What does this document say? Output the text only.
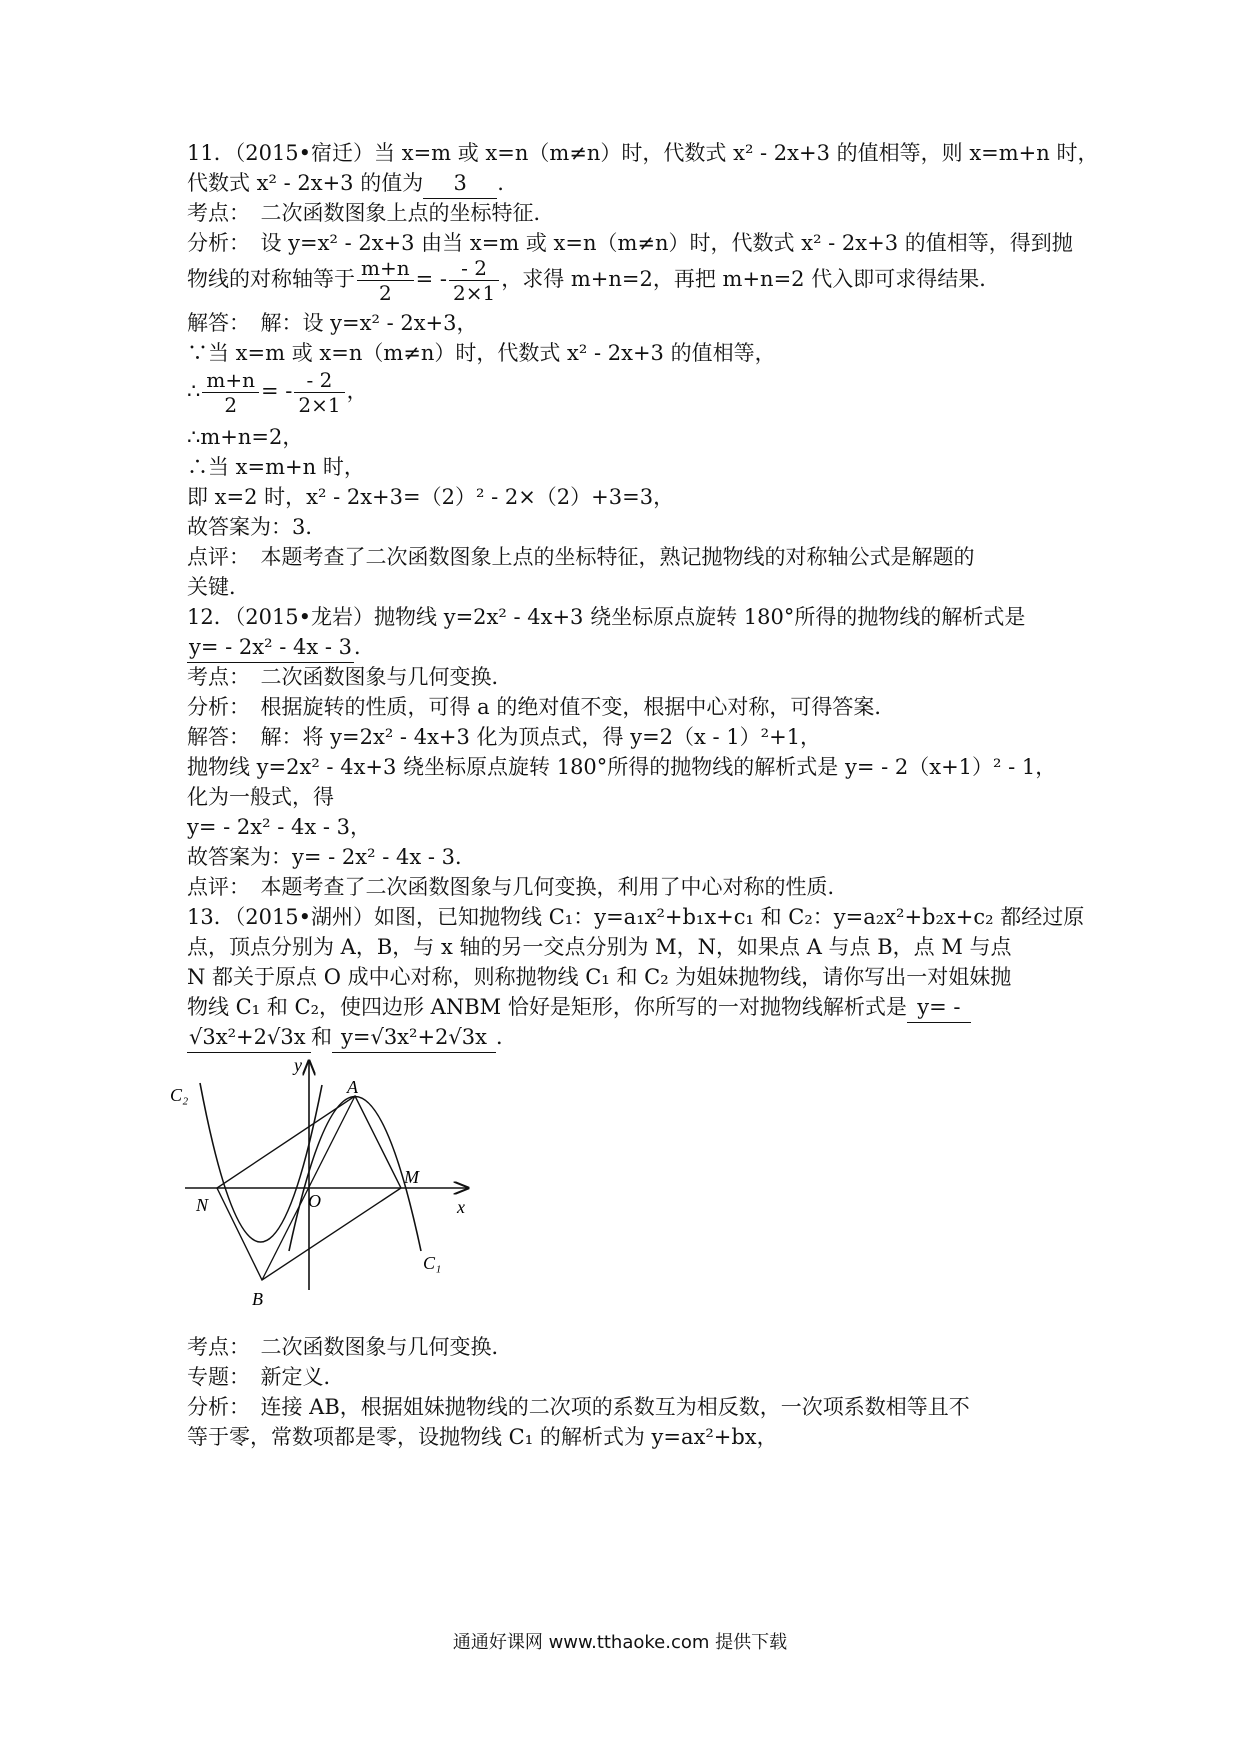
11．（2015•宿迁）当 x=m 或 x=n（m≠n）时，代数式 x² - 2x+3 的值相等，则 x=m+n 时，
代数式 x² - 2x+3 的值为 3 .
考点：　二次函数图象上点的坐标特征．
分析：　设 y=x² - 2x+3 由当 x=m 或 x=n（m≠n）时，代数式 x² - 2x+3 的值相等，得到抛
物线的对称轴等于 $\frac{m+n}{2}$ = - $\frac{- 2}{2\times 1}$ ，求得 m+n=2，再把 m+n=2 代入即可求得结果．
解答：　解：设 y=x² - 2x+3，
∵当 x=m 或 x=n（m≠n）时，代数式 x² - 2x+3 的值相等，
∴ $\frac{m+n}{2}$ = - $\frac{- 2}{2\times 1}$ ，
∴m+n=2，
∴当 x=m+n 时，
即 x=2 时，x² - 2x+3=（2）² - 2×（2）+3=3，
故答案为：3．
点评：　本题考查了二次函数图象上点的坐标特征，熟记抛物线的对称轴公式是解题的
关键．
12．（2015•龙岩）抛物线 y=2x² - 4x+3 绕坐标原点旋转 180°所得的抛物线的解析式是
y= - 2x² - 4x - 3．
考点：　二次函数图象与几何变换．
分析：　根据旋转的性质，可得 a 的绝对值不变，根据中心对称，可得答案．
解答：　解：将 y=2x² - 4x+3 化为顶点式，得 y=2（x - 1）²+1，
抛物线 y=2x² - 4x+3 绕坐标原点旋转 180°所得的抛物线的解析式是 y= - 2（x+1）² - 1，
化为一般式，得
y= - 2x² - 4x - 3，
故答案为：y= - 2x² - 4x - 3．
点评：　本题考查了二次函数图象与几何变换，利用了中心对称的性质．
13．（2015•湖州）如图，已知抛物线 C₁：y=a₁x²+b₁x+c₁ 和 C₂：y=a₂x²+b₂x+c₂ 都经过原
点，顶点分别为 A，B，与 x 轴的另一交点分别为 M，N，如果点 A 与点 B，点 M 与点
N 都关于原点 O 成中心对称，则称抛物线 C₁ 和 C₂ 为姐妹抛物线，请你写出一对姐妹抛
物线 C₁ 和 C₂，使四边形 ANBM 恰好是矩形，你所写的一对抛物线解析式是 y= -
√3x²+2√3x 和 y=√3x²+2√3x ．
y
x
O
A
B
M
N
C₁
C₂
考点：　二次函数图象与几何变换．
专题：　新定义．
分析：　连接 AB，根据姐妹抛物线的二次项的系数互为相反数，一次项系数相等且不
等于零，常数项都是零，设抛物线 C₁ 的解析式为 y=ax²+bx，
通通好课网 www.tthaoke.com 提供下载
